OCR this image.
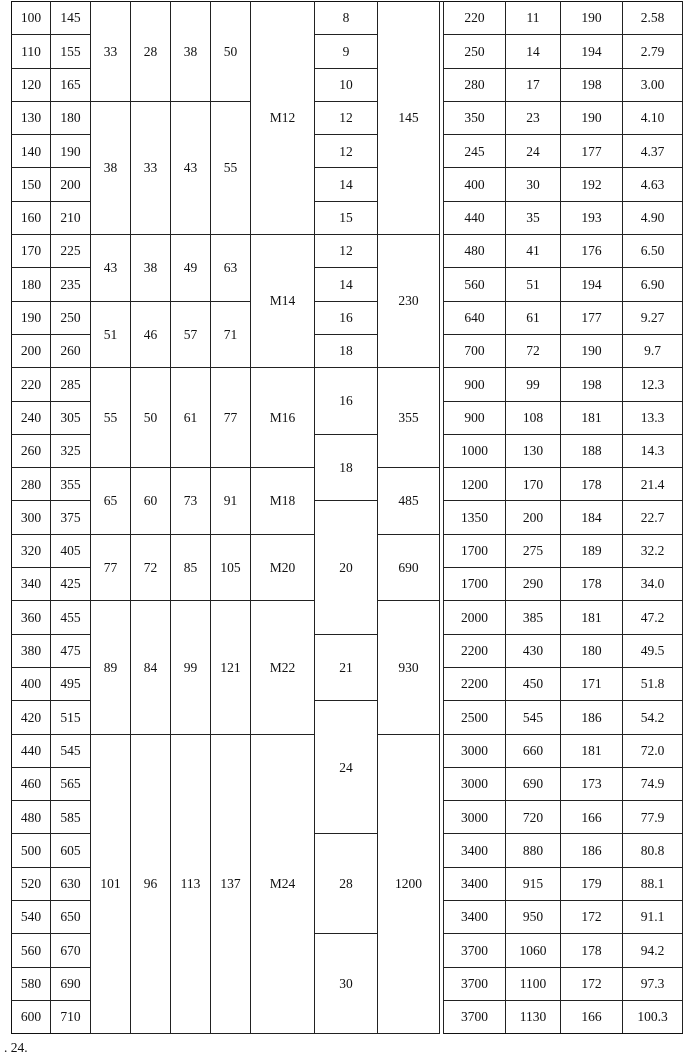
100	145	33	28	38	50	M12	8	145		220	11	190	2.58
110	155						9			250	14	194	2.79
120	165						10			280	17	198	3.00
130	180	38	33	43	55		12			350	23	190	4.10
140	190						12			245	24	177	4.37
150	200						14			400	30	192	4.63
160	210						15			440	35	193	4.90
170	225	43	38	49	63	M14	12	230		480	41	176	6.50
180	235						14			560	51	194	6.90
190	250	51	46	57	71		16			640	61	177	9.27
200	260						18			700	72	190	9.7
220	285	55	50	61	77	M16	16	355		900	99	198	12.3
240	305									900	108	181	13.3
260	325						18			1000	130	188	14.3
280	355	65	60	73	91	M18		485		1200	170	178	21.4
300	375						20			1350	200	184	22.7
320	405	77	72	85	105	M20		690		1700	275	189	32.2
340	425									1700	290	178	34.0
360	455	89	84	99	121	M22		930		2000	385	181	47.2
380	475						21			2200	430	180	49.5
400	495									2200	450	171	51.8
420	515						24			2500	545	186	54.2
440	545	101	96	113	137	M24		1200		3000	660	181	72.0
460	565									3000	690	173	74.9
480	585									3000	720	166	77.9
500	605						28			3400	880	186	80.8
520	630									3400	915	179	88.1
540	650									3400	950	172	91.1
560	670						30			3700	1060	178	94.2
580	690									3700	1100	172	97.3
600	710									3700	1130	166	100.3
. 24.
